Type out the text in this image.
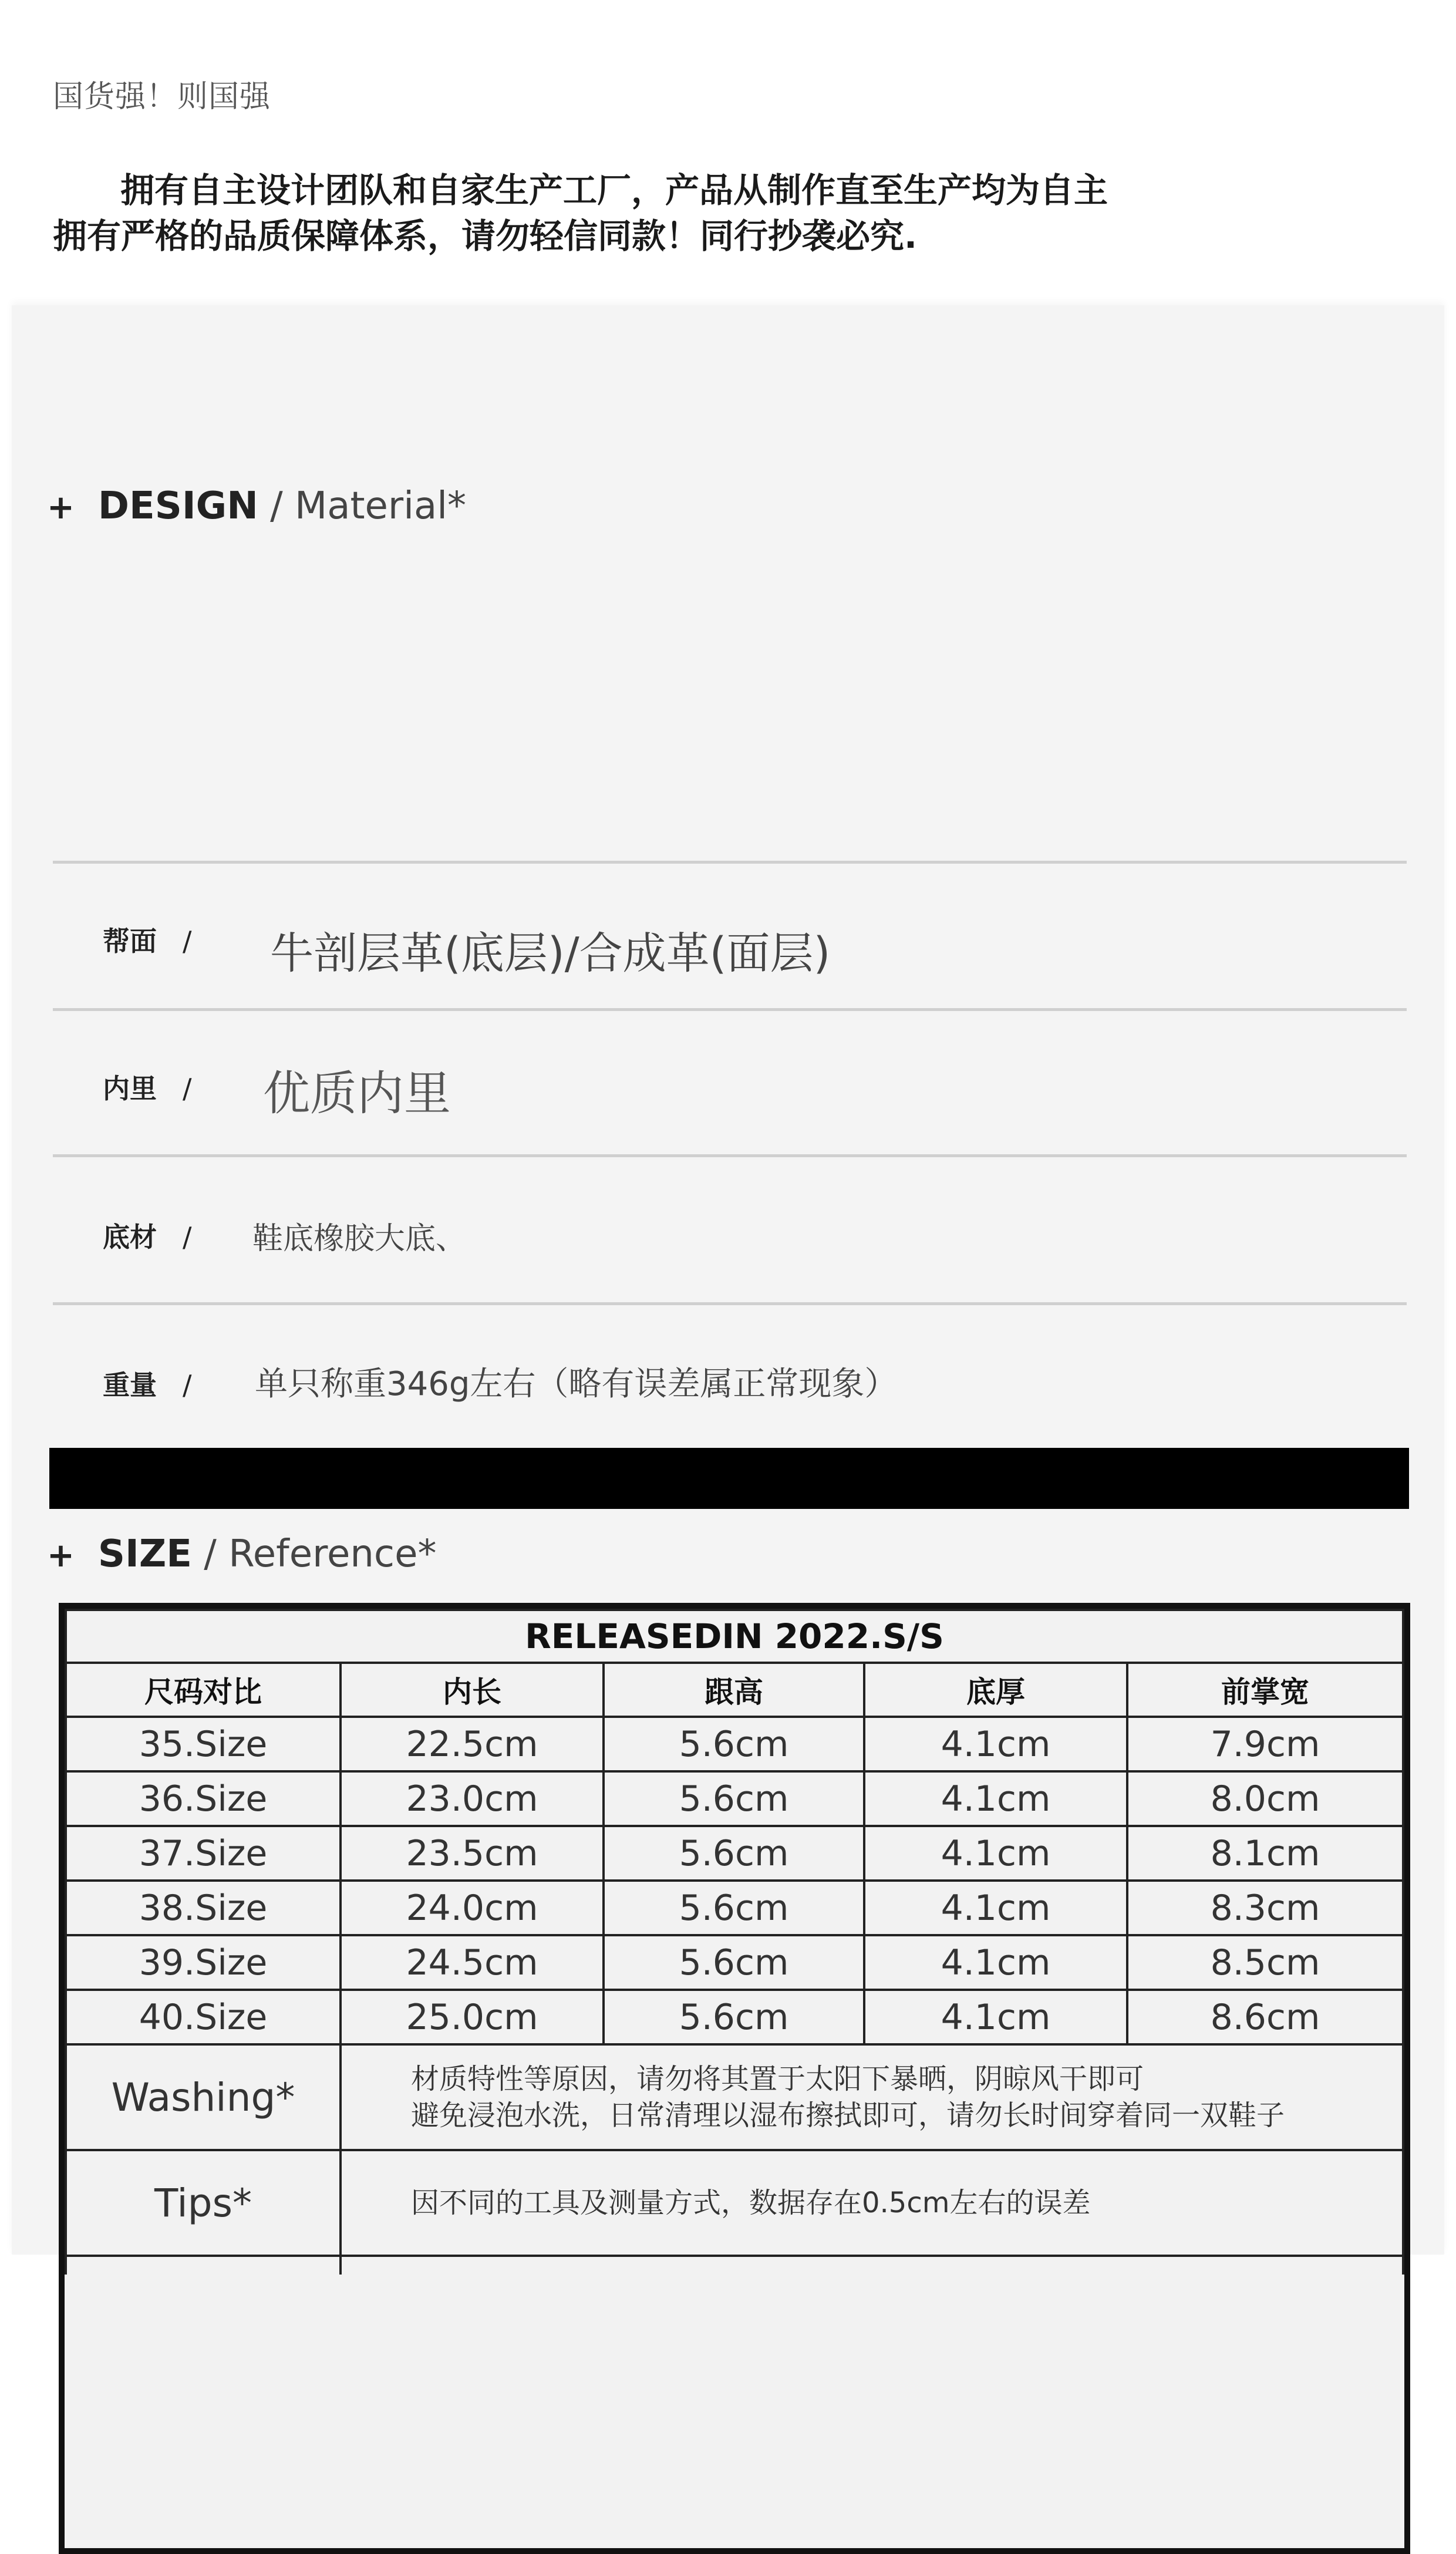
国货强！则国强
拥有自主设计团队和自家生产工厂，产品从制作直至生产均为自主
拥有严格的品质保障体系，请勿轻信同款！同行抄袭必究.
+ DESIGN / Material*
帮面 / 牛剖层革(底层)/合成革(面层)
内里 / 优质内里
底材 / 鞋底橡胶大底、
重量 / 单只称重346g左右（略有误差属正常现象）
+ SIZE / Reference*
RELEASEDIN 2022.S/S				
尺码对比	内长	跟高	底厚	前掌宽
35.Size	22.5cm	5.6cm	4.1cm	7.9cm
36.Size	23.0cm	5.6cm	4.1cm	8.0cm
37.Size	23.5cm	5.6cm	4.1cm	8.1cm
38.Size	24.0cm	5.6cm	4.1cm	8.3cm
39.Size	24.5cm	5.6cm	4.1cm	8.5cm
40.Size	25.0cm	5.6cm	4.1cm	8.6cm
Washing*	材质特性等原因，请勿将其置于太阳下暴晒，阴晾风干即可
避免浸泡水洗，日常清理以湿布擦拭即可，请勿长时间穿着同一双鞋子			

Tips*	因不同的工具及测量方式，数据存在0.5cm左右的误差			
